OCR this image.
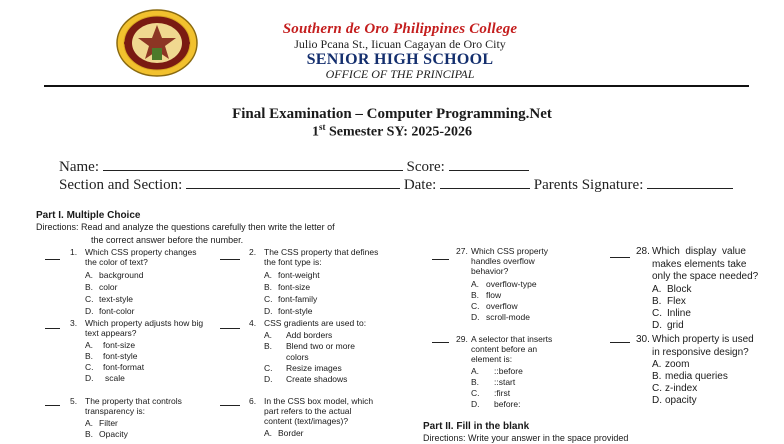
Southern de Oro Philippines College
Julio Pcana St., Iicuan Cagayan de Oro City
SENIOR HIGH SCHOOL
OFFICE OF THE PRINCIPAL
Final Examination – Computer Programming.Net
1st Semester SY: 2025-2026
Name:	Score:
Section and Section:	Date:	Parents Signature:
Part I. Multiple Choice
Directions: Read and analyze the questions carefully then write the letter of
the correct answer before the number.
1. Which CSS property changes
the color of text?
A. background
B. color
C. text-style
D. font-color
2. The CSS property that defines
the font type is:
A. font-weight
B. font-size
C. font-family
D. font-style
3. Which property adjusts how big
text appears?
A. font-size
B. font-style
C. font-format
D. scale
4. CSS gradients are used to:
A. Add borders
B. Blend two or more
colors
C. Resize images
D. Create shadows
5. The property that controls
transparency is:
A. Filter
B. Opacity
6. In the CSS box model, which
part refers to the actual
content (text/images)?
A. Border
27. Which CSS property
handles overflow
behavior?
A. overflow-type
B. flow
C. overflow
D. scroll-mode
28. Which  display  value
makes elements take
only the space needed?
A. Block
B. Flex
C. Inline
D. grid
29. A selector that inserts
content before an
element is:
A. ::before
B. ::start
C. :first
D. before:
30. Which property is used
in responsive design?
A. zoom
B. media queries
C. z-index
D. opacity
Part II. Fill in the blank
Directions: Write your answer in the space provided
